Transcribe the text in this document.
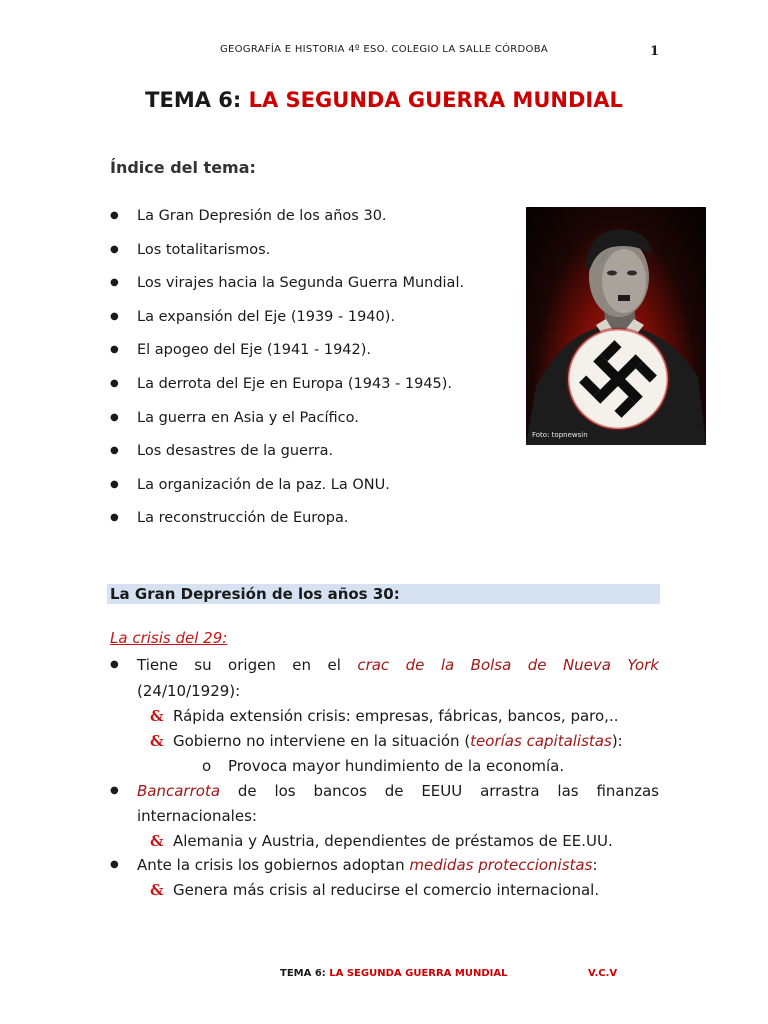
GEOGRAFÍA E HISTORIA 4º ESO. COLEGIO LA SALLE CÓRDOBA	1
TEMA 6: LA SEGUNDA GUERRA MUNDIAL
Índice del tema:
● La Gran Depresión de los años 30.
● Los totalitarismos.
● Los virajes hacia la Segunda Guerra Mundial.
● La expansión del Eje (1939 - 1940).
● El apogeo del Eje (1941 - 1942).
● La derrota del Eje en Europa (1943 - 1945).
● La guerra en Asia y el Pacífico.
● Los desastres de la guerra.
● La organización de la paz. La ONU.
● La reconstrucción de Europa.
Foto: topnewsin
La Gran Depresión de los años 30:
La crisis del 29:
● Tiene su origen en el crac de la Bolsa de Nueva York
(24/10/1929):
& Rápida extensión crisis: empresas, fábricas, bancos, paro,..
& Gobierno no interviene en la situación (teorías capitalistas):
o Provoca mayor hundimiento de la economía.
● Bancarrota de los bancos de EEUU arrastra las finanzas
internacionales:
& Alemania y Austria, dependientes de préstamos de EE.UU.
● Ante la crisis los gobiernos adoptan medidas proteccionistas:
& Genera más crisis al reducirse el comercio internacional.
TEMA 6: LA SEGUNDA GUERRA MUNDIAL	V.C.V
